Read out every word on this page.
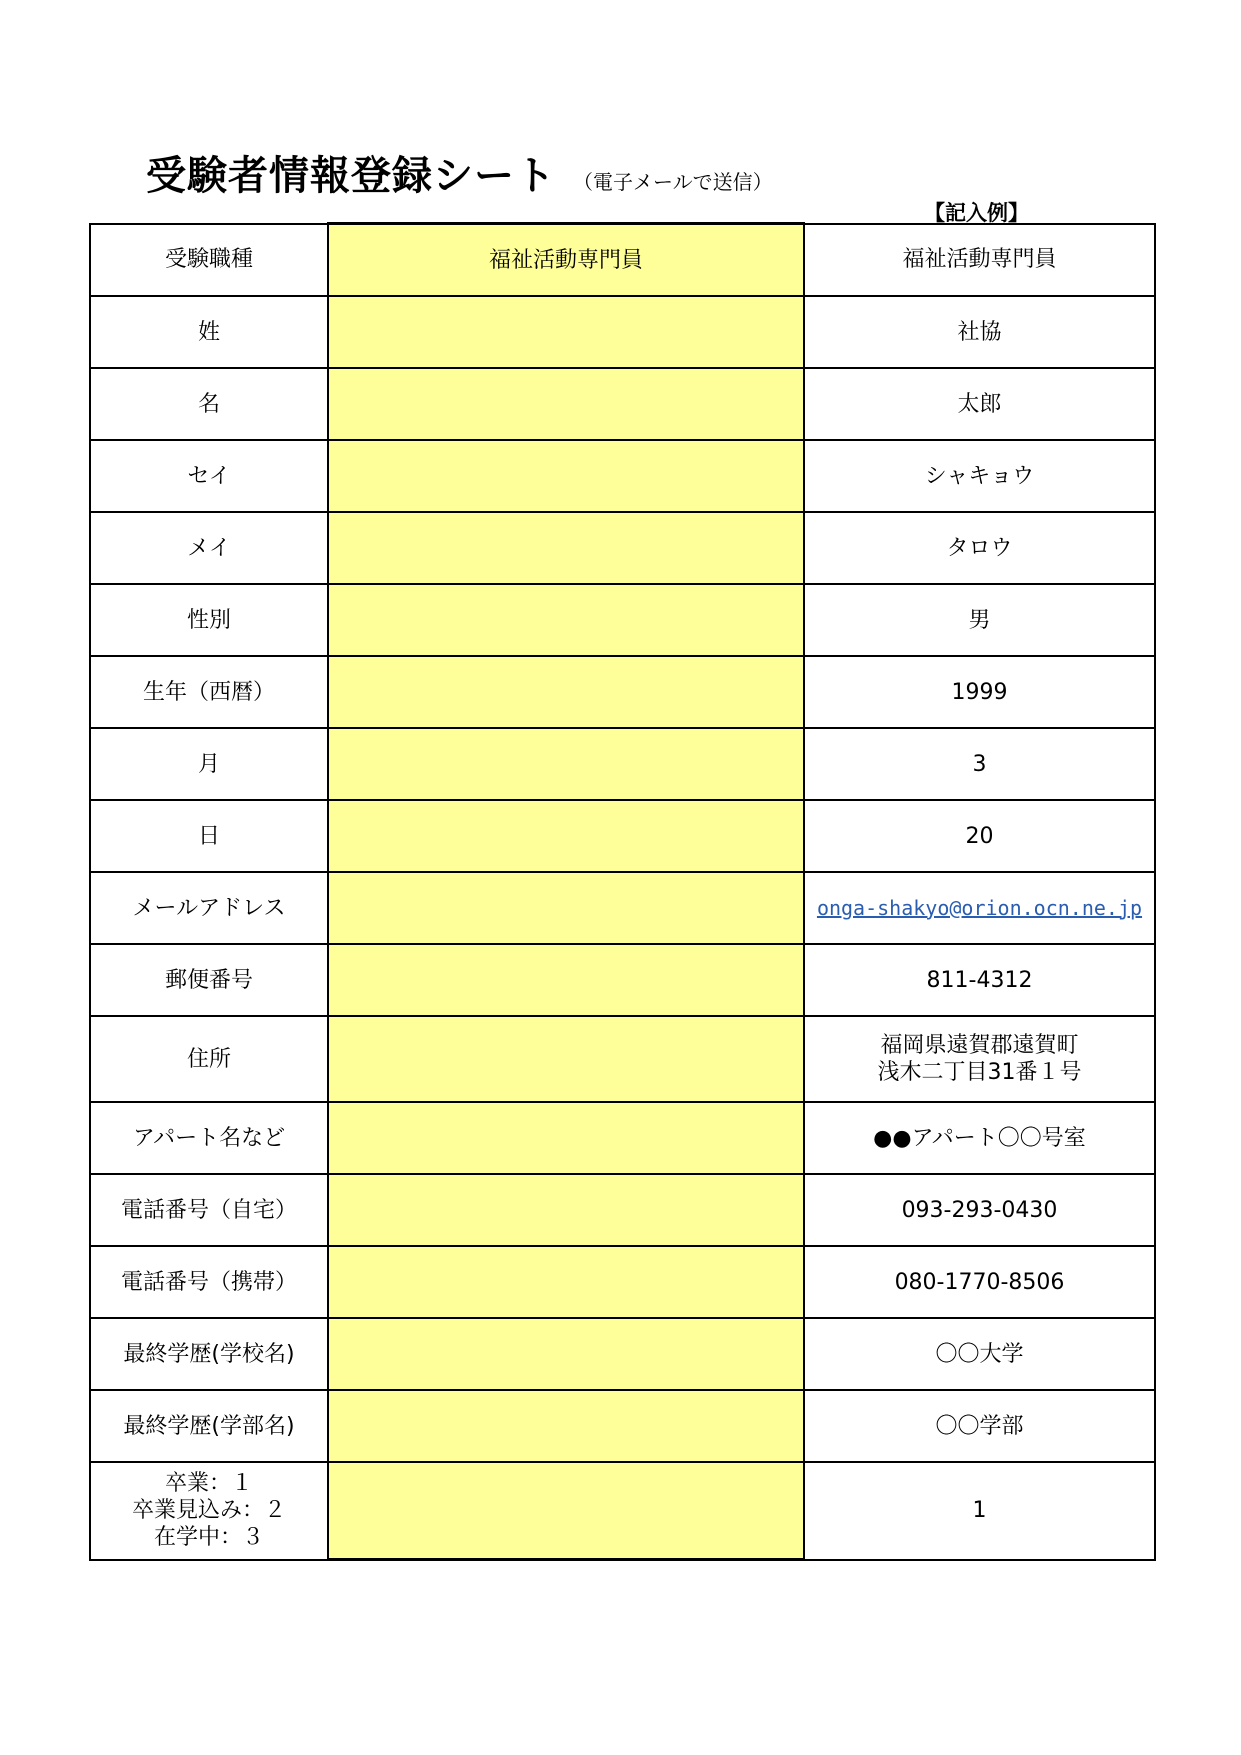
受験者情報登録シート （電子メールで送信）
【記入例】
受験職種	福祉活動専門員	福祉活動専門員
姓		社協
名		太郎
セイ		シャキョウ
メイ		タロウ
性別		男
生年（西暦）		1999
月		3
日		20
メールアドレス		onga-shakyo@orion.ocn.ne.jp
郵便番号		811-4312
住所		福岡県遠賀郡遠賀町
浅木二丁目31番１号
アパート名など		●●アパート〇〇号室
電話番号（自宅）		093-293-0430
電話番号（携帯）		080-1770-8506
最終学歴(学校名)		〇〇大学
最終学歴(学部名)		〇〇学部
卒業：１
卒業見込み：２
在学中：３		1
